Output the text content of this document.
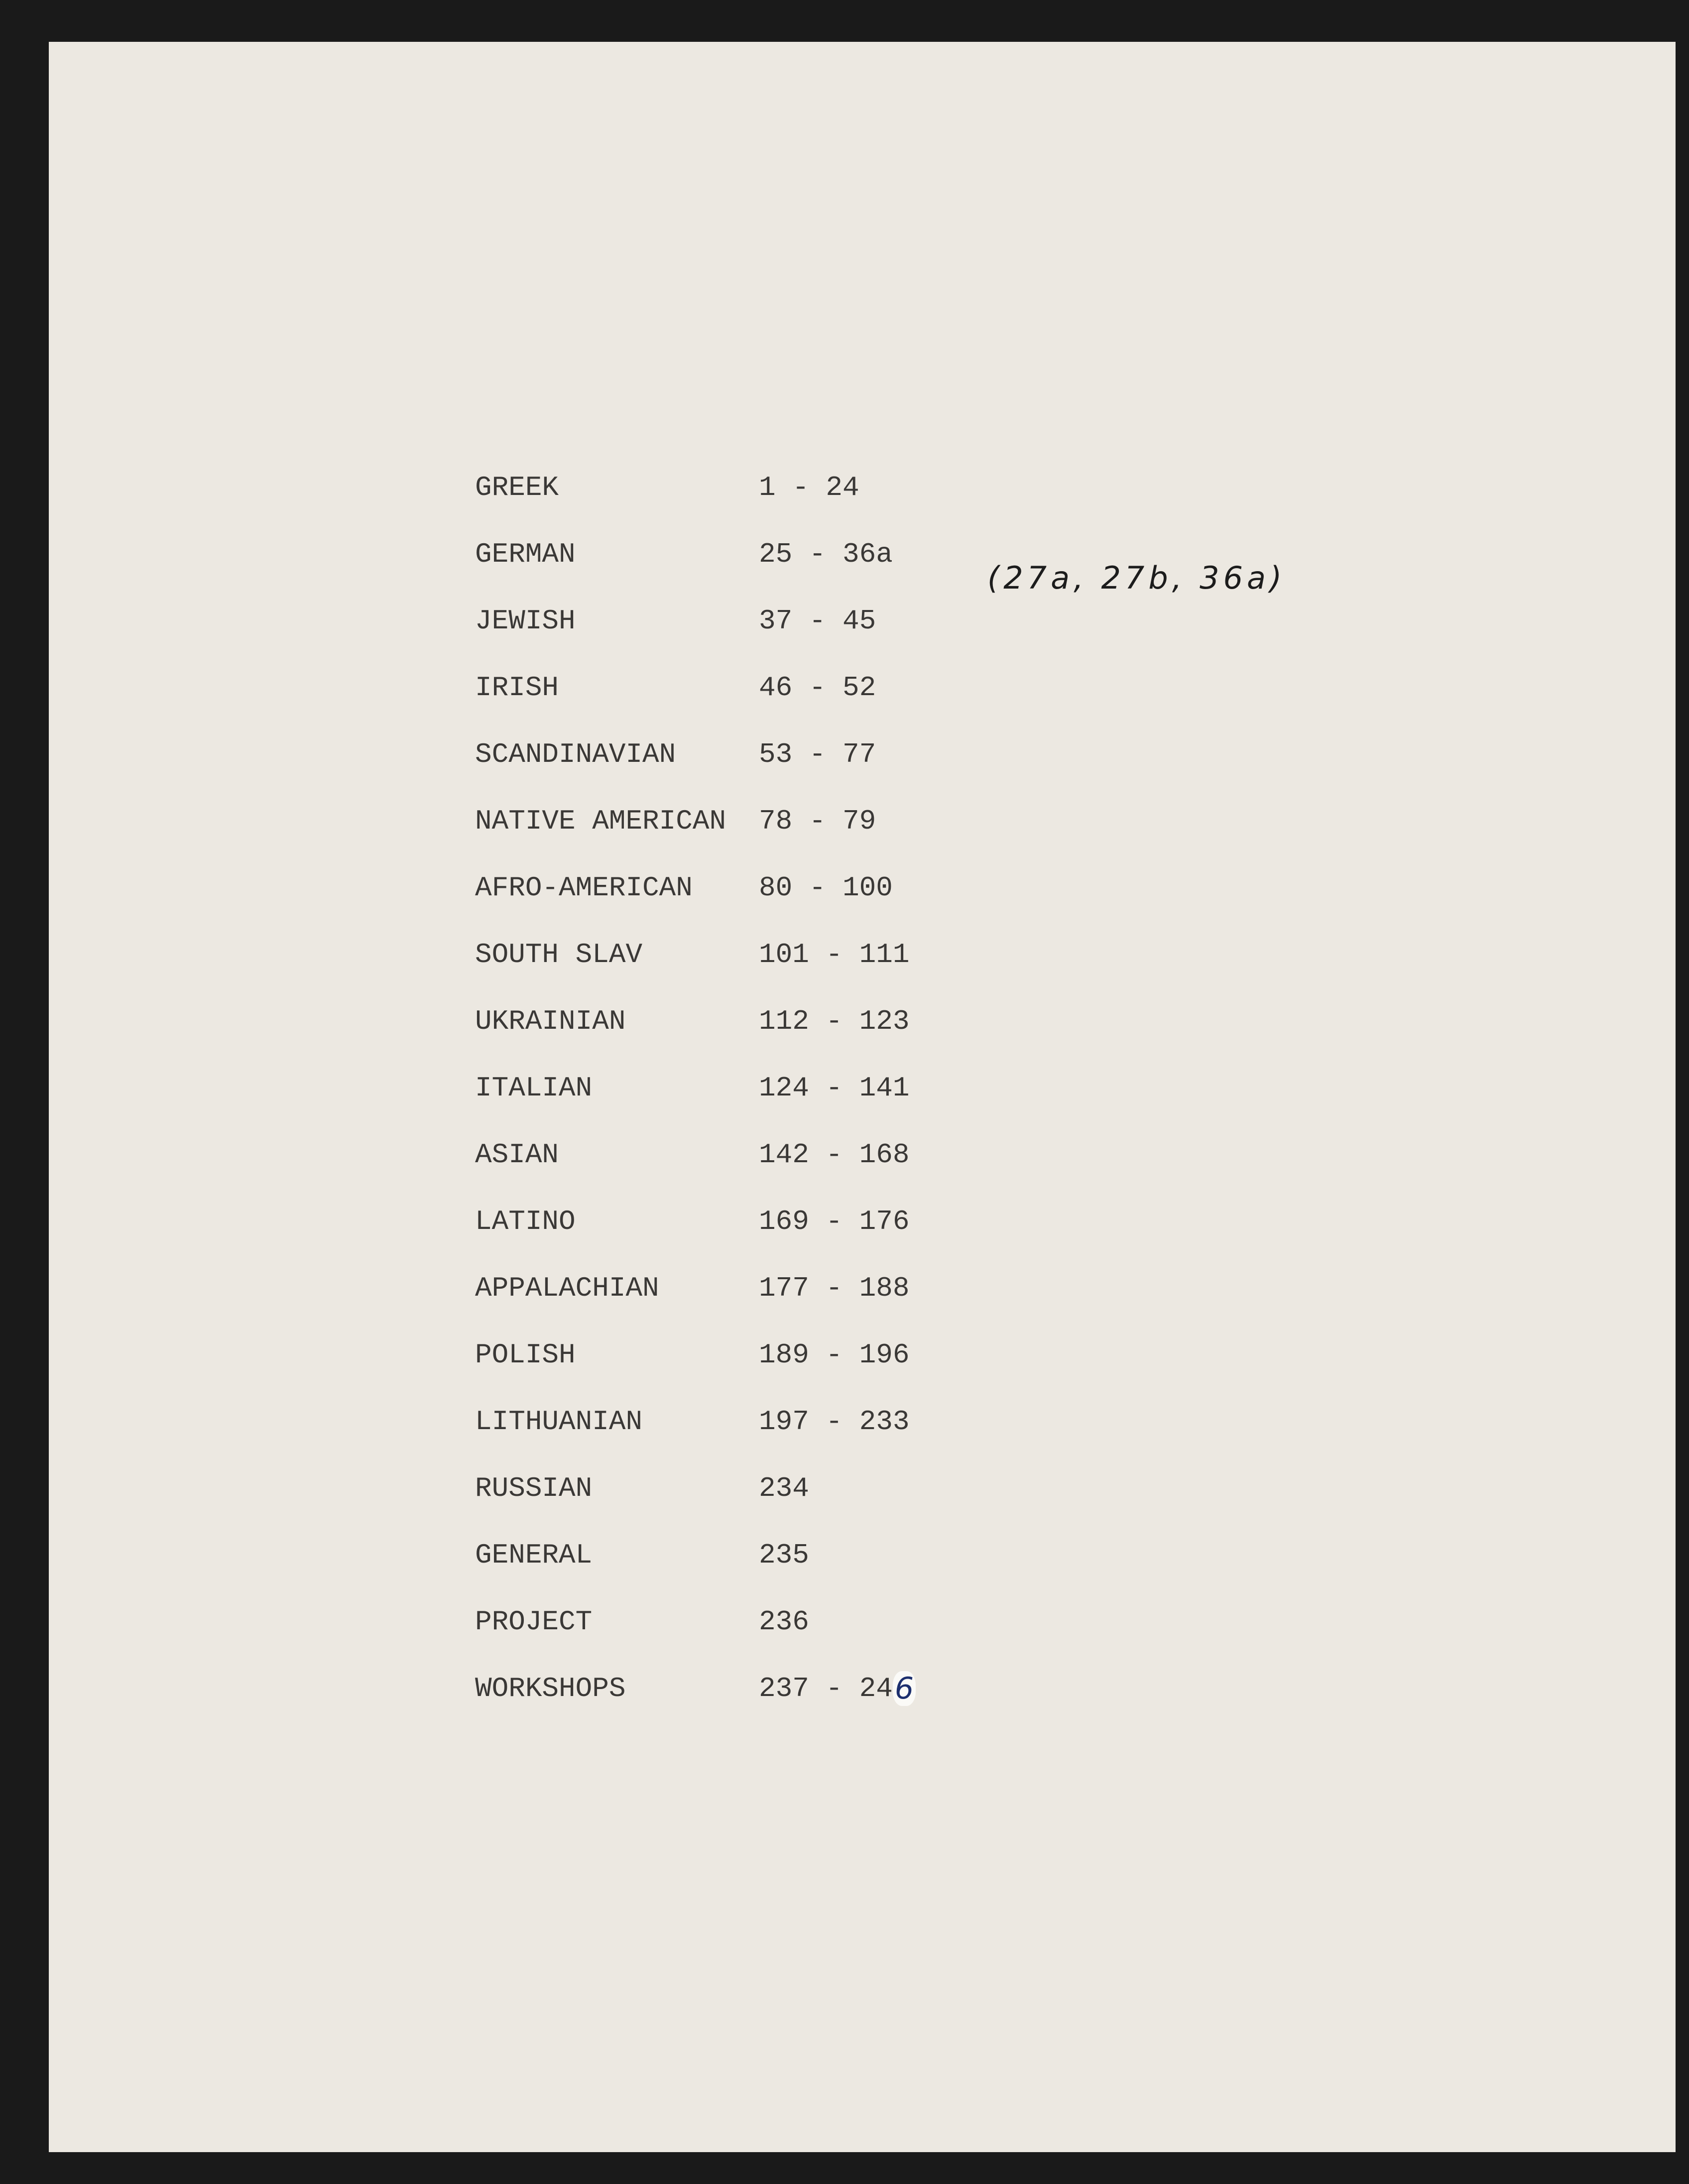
(27a, 27b, 36a)
GREEK	1 - 24
GERMAN	25 - 36a
JEWISH	37 - 45
IRISH	46 - 52
SCANDINAVIAN	53 - 77
NATIVE AMERICAN	78 - 79
AFRO-AMERICAN	80 - 100
SOUTH SLAV	101 - 111
UKRAINIAN	112 - 123
ITALIAN	124 - 141
ASIAN	142 - 168
LATINO	169 - 176
APPALACHIAN	177 - 188
POLISH	189 - 196
LITHUANIAN	197 - 233
RUSSIAN	234
GENERAL	235
PROJECT	236
WORKSHOPS	237 - 24 6
